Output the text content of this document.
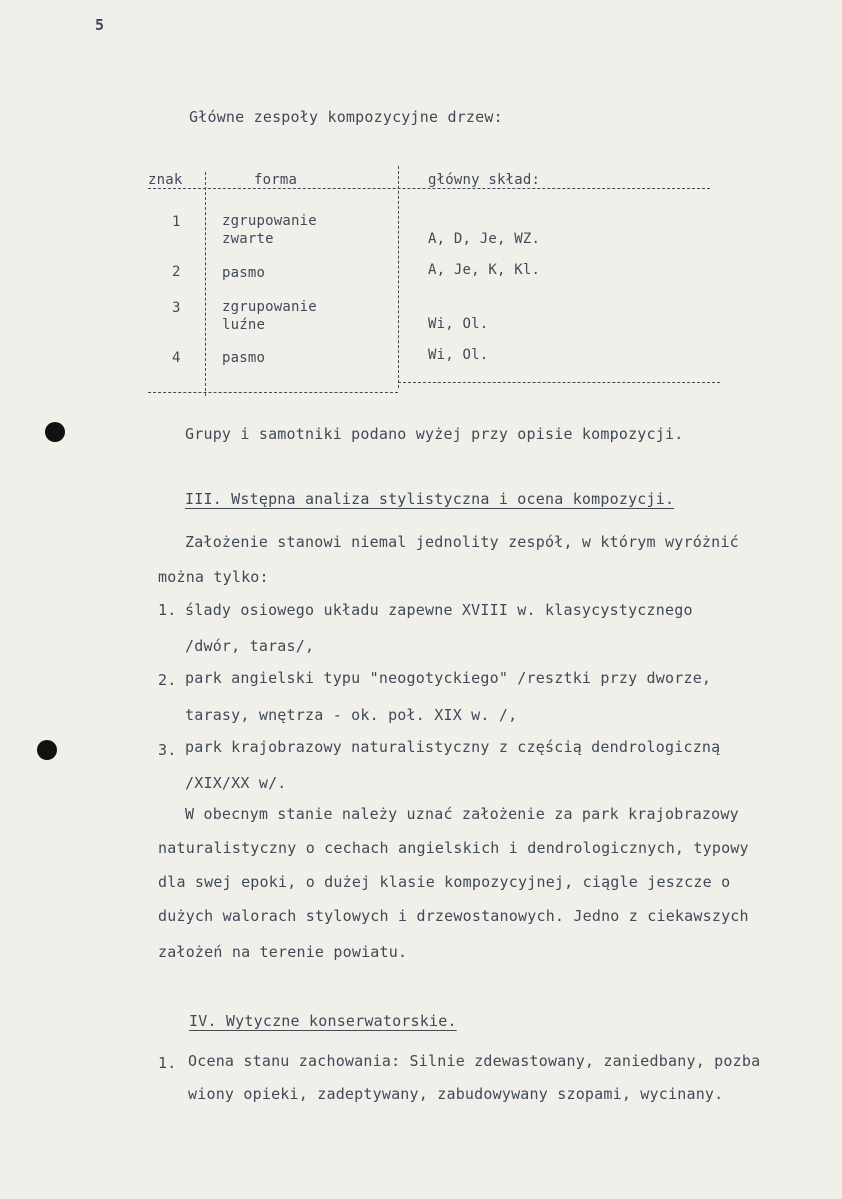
5
Główne zespoły kompozycyjne drzew:
znak	forma	główny skład:
1	zgrupowanie
zwarte	A, D, Je, WZ.
2	pasmo	A, Je, K, Kl.
3	zgrupowanie
luźne	Wi, Ol.
4	pasmo	Wi, Ol.
Grupy i samotniki podano wyżej przy opisie kompozycji.
III. Wstępna analiza stylistyczna i ocena kompozycji.
Założenie stanowi niemal jednolity zespół, w którym wyróżnić
można tylko:
1. ślady osiowego układu zapewne XVIII w. klasycystycznego
/dwór, taras/,
2. park angielski typu "neogotyckiego" /resztki przy dworze,
tarasy, wnętrza - ok. poł. XIX w. /,
3. park krajobrazowy naturalistyczny z częścią dendrologiczną
/XIX/XX w/.
W obecnym stanie należy uznać założenie za park krajobrazowy
naturalistyczny o cechach angielskich i dendrologicznych, typowy
dla swej epoki, o dużej klasie kompozycyjnej, ciągle jeszcze o
dużych walorach stylowych i drzewostanowych. Jedno z ciekawszych
założeń na terenie powiatu.
IV. Wytyczne konserwatorskie.
1. Ocena stanu zachowania: Silnie zdewastowany, zaniedbany, pozba
wiony opieki, zadeptywany, zabudowywany szopami, wycinany.
